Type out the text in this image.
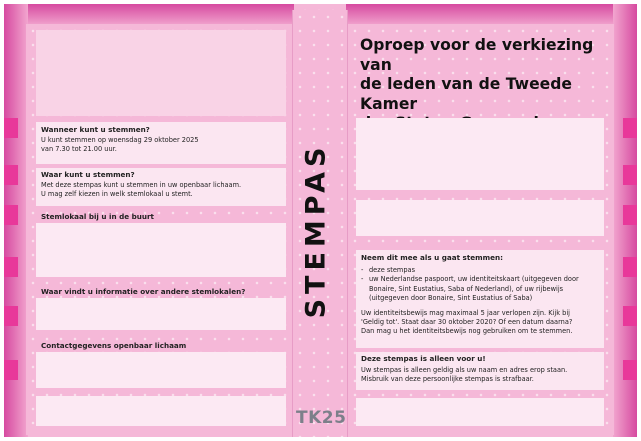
Wanneer kunt u stemmen?
U kunt stemmen op woensdag 29 oktober 2025
van 7.30 tot 21.00 uur.
Waar kunt u stemmen?
Met deze stempas kunt u stemmen in uw openbaar lichaam.
U mag zelf kiezen in welk stemlokaal u stemt.
Stemlokaal bij u in de buurt
Waar vindt u informatie over andere stemlokalen?
Contactgegevens openbaar lichaam
STEMPAS
TK25
Oproep voor de verkiezing van
de leden van de Tweede Kamer
Neem dit mee als u gaat stemmen:
- deze stempas
- uw Nederlandse paspoort, uw identiteitskaart (uitgegeven door Bonaire, Sint Eustatius, Saba of Nederland), of uw rijbewijs (uitgegeven door Bonaire, Sint Eustatius of Saba)
Uw identiteitsbewijs mag maximaal 5 jaar verlopen zijn. Kijk bij
'Geldig tot'. Staat daar 30 oktober 2020? Of een datum daarna?
Dan mag u het identiteitsbewijs nog gebruiken om te stemmen.
Deze stempas is alleen voor u!
Uw stempas is alleen geldig als uw naam en adres erop staan.
Misbruik van deze persoonlijke stempas is strafbaar.
